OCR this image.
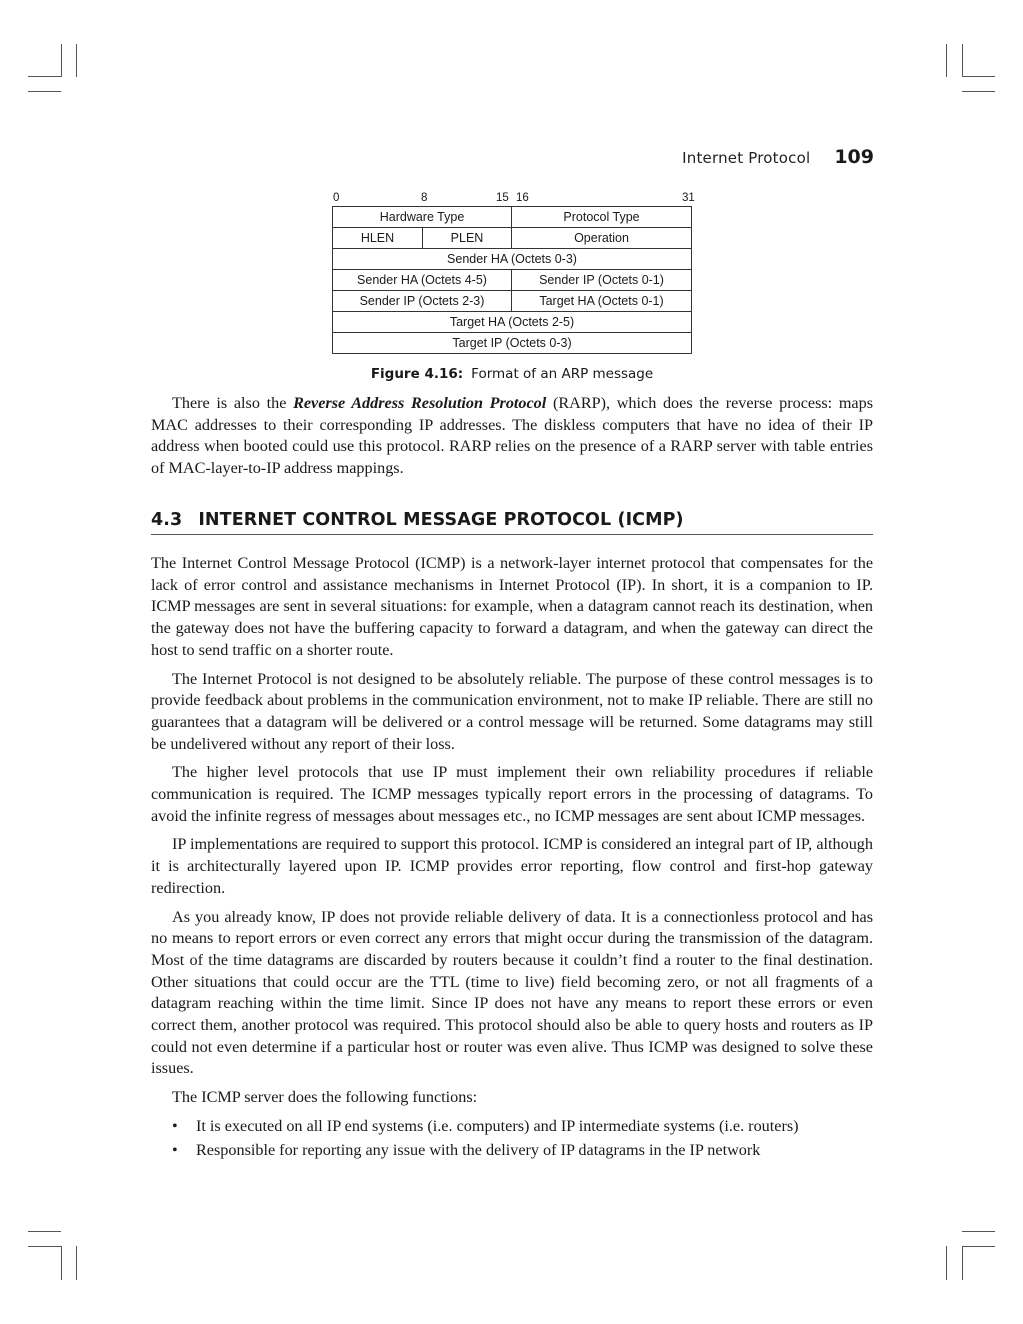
Internet Protocol 109
0	8	15 16	31
Hardware Type		Protocol Type
HLEN	PLEN	Operation
Sender HA (Octets 0-3)		
Sender HA (Octets 4-5)		Sender IP (Octets 0-1)
Sender IP (Octets 2-3)		Target HA (Octets 0-1)
Target HA (Octets 2-5)		
Target IP (Octets 0-3)		
Figure 4.16: Format of an ARP message

There is also the Reverse Address Resolution Protocol (RARP), which does the reverse process: maps MAC addresses to their corresponding IP addresses. The diskless computers that have no idea of their IP address when booted could use this protocol. RARP relies on the presence of a RARP server with table entries of MAC-layer-to-IP address mappings.

4.3 INTERNET CONTROL MESSAGE PROTOCOL (ICMP)

The Internet Control Message Protocol (ICMP) is a network-layer internet protocol that compensates for the lack of error control and assistance mechanisms in Internet Protocol (IP). In short, it is a companion to IP. ICMP messages are sent in several situations: for example, when a datagram cannot reach its destination, when the gateway does not have the buffering capacity to forward a datagram, and when the gateway can direct the host to send traffic on a shorter route.

The Internet Protocol is not designed to be absolutely reliable. The purpose of these control messages is to provide feedback about problems in the communication environment, not to make IP reliable. There are still no guarantees that a datagram will be delivered or a control message will be returned. Some datagrams may still be undelivered without any report of their loss.

The higher level protocols that use IP must implement their own reliability procedures if reliable communication is required. The ICMP messages typically report errors in the processing of datagrams. To avoid the infinite regress of messages about messages etc., no ICMP messages are sent about ICMP messages.

IP implementations are required to support this protocol. ICMP is considered an integral part of IP, although it is architecturally layered upon IP. ICMP provides error reporting, flow control and first-hop gateway redirection.

As you already know, IP does not provide reliable delivery of data. It is a connectionless protocol and has no means to report errors or even correct any errors that might occur during the transmission of the datagram. Most of the time datagrams are discarded by routers because it couldn’t find a router to the final destination. Other situations that could occur are the TTL (time to live) field becoming zero, or not all fragments of a datagram reaching within the time limit. Since IP does not have any means to report these errors or even correct them, another protocol was required. This protocol should also be able to query hosts and routers as IP could not even determine if a particular host or router was even alive. Thus ICMP was designed to solve these issues.

The ICMP server does the following functions:

• It is executed on all IP end systems (i.e. computers) and IP intermediate systems (i.e. routers)
• Responsible for reporting any issue with the delivery of IP datagrams in the IP network
